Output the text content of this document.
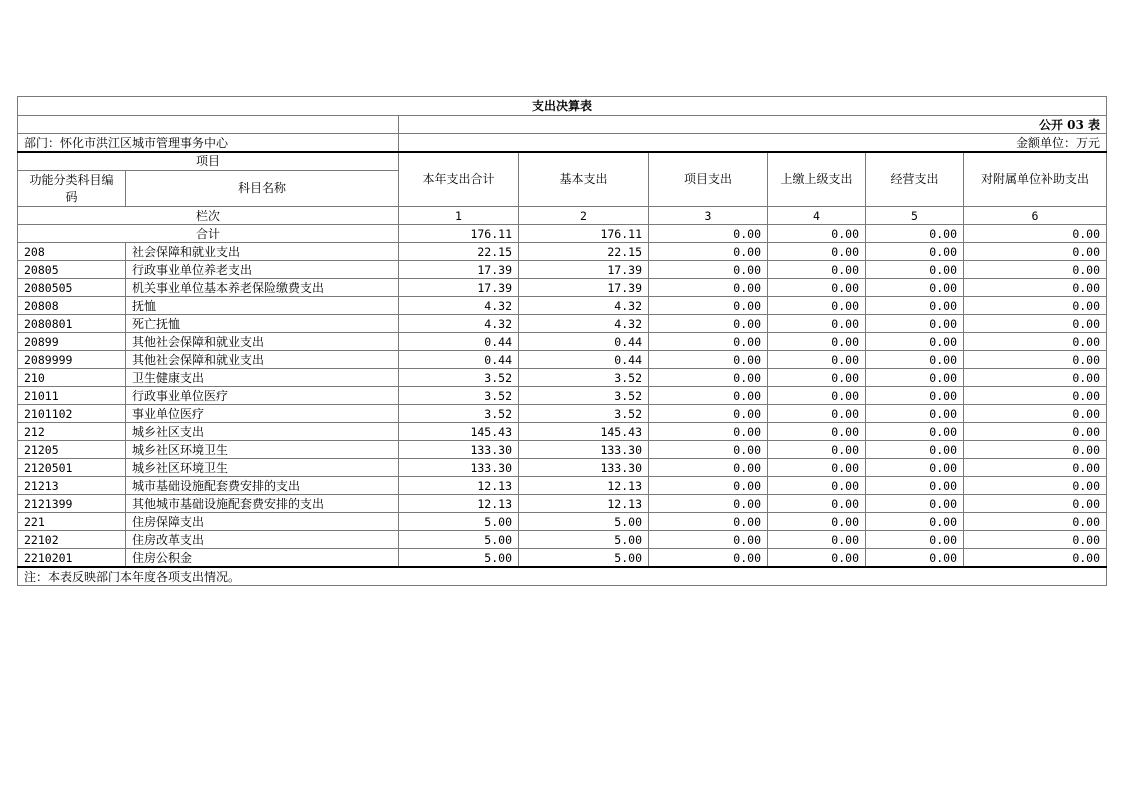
支出决算表							
		公开 03 表					
部门：怀化市洪江区城市管理事务中心		金额单位：万元					
项目		本年支出合计	基本支出	项目支出	上缴上级支出	经营支出	对附属单位补助支出
功能分类科目编码	科目名称						
栏次		1	2	3	4	5	6
合计		176.11	176.11	0.00	0.00	0.00	0.00
208	社会保障和就业支出	22.15	22.15	0.00	0.00	0.00	0.00
20805	行政事业单位养老支出	17.39	17.39	0.00	0.00	0.00	0.00
2080505	机关事业单位基本养老保险缴费支出	17.39	17.39	0.00	0.00	0.00	0.00
20808	抚恤	4.32	4.32	0.00	0.00	0.00	0.00
2080801	死亡抚恤	4.32	4.32	0.00	0.00	0.00	0.00
20899	其他社会保障和就业支出	0.44	0.44	0.00	0.00	0.00	0.00
2089999	其他社会保障和就业支出	0.44	0.44	0.00	0.00	0.00	0.00
210	卫生健康支出	3.52	3.52	0.00	0.00	0.00	0.00
21011	行政事业单位医疗	3.52	3.52	0.00	0.00	0.00	0.00
2101102	事业单位医疗	3.52	3.52	0.00	0.00	0.00	0.00
212	城乡社区支出	145.43	145.43	0.00	0.00	0.00	0.00
21205	城乡社区环境卫生	133.30	133.30	0.00	0.00	0.00	0.00
2120501	城乡社区环境卫生	133.30	133.30	0.00	0.00	0.00	0.00
21213	城市基础设施配套费安排的支出	12.13	12.13	0.00	0.00	0.00	0.00
2121399	其他城市基础设施配套费安排的支出	12.13	12.13	0.00	0.00	0.00	0.00
221	住房保障支出	5.00	5.00	0.00	0.00	0.00	0.00
22102	住房改革支出	5.00	5.00	0.00	0.00	0.00	0.00
2210201	住房公积金	5.00	5.00	0.00	0.00	0.00	0.00
注：本表反映部门本年度各项支出情况。							
